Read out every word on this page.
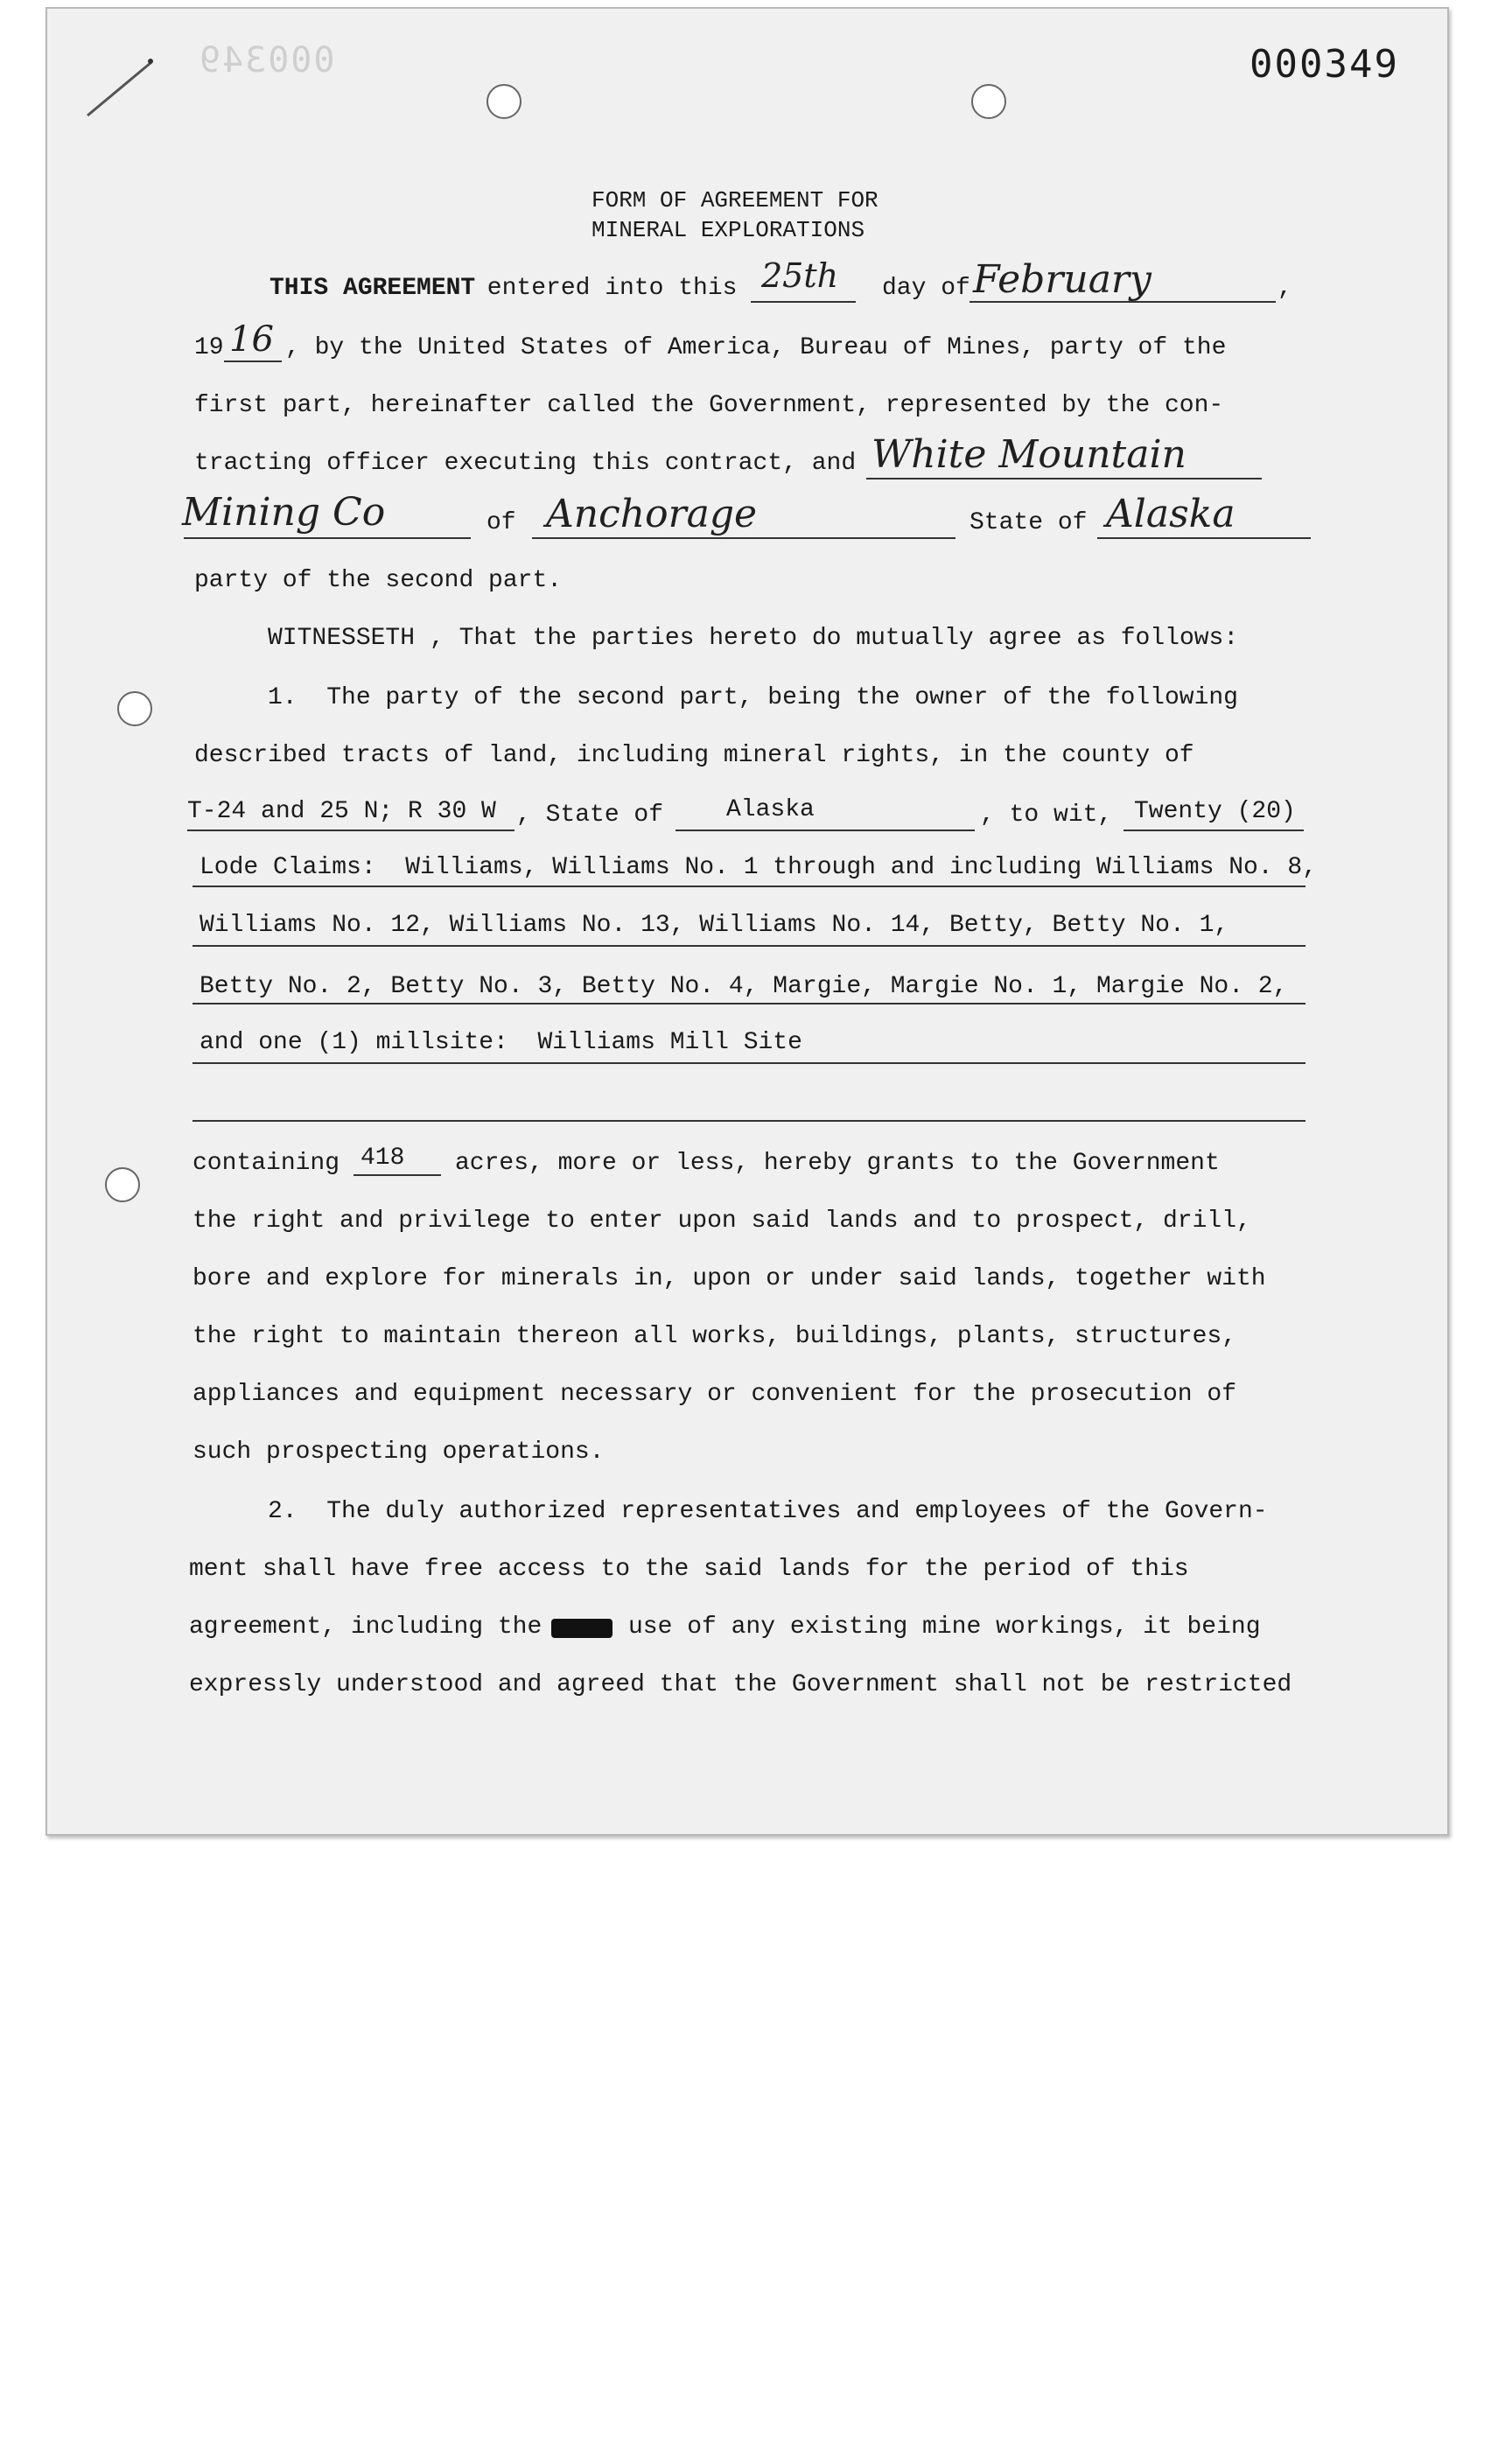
000349	000349
FORM OF AGREEMENT FOR
MINERAL EXPLORATIONS
THIS AGREEMENT
entered into this 25th day of February	,
19 16 , by the United States of America, Bureau of Mines, party of the
first part, hereinafter called the Government, represented by the con-
tracting officer executing this contract, and White Mountain
Mining Co	of Anchorage	State of Alaska
party of the second part.
WITNESSETH , That the parties hereto do mutually agree as follows:
1.  The party of the second part, being the owner of the following
described tracts of land, including mineral rights, in the county of
T-24 and 25 N; R 30 W , State of	Alaska	, to wit, Twenty (20)
Lode Claims:  Williams, Williams No. 1 through and including Williams No. 8,
Williams No. 12, Williams No. 13, Williams No. 14, Betty, Betty No. 1,
Betty No. 2, Betty No. 3, Betty No. 4, Margie, Margie No. 1, Margie No. 2,
and one (1) millsite:  Williams Mill Site
containing 418 acres, more or less, hereby grants to the Government
the right and privilege to enter upon said lands and to prospect, drill,
bore and explore for minerals in, upon or under said lands, together with
the right to maintain thereon all works, buildings, plants, structures,
appliances and equipment necessary or convenient for the prosecution of
such prospecting operations.
2.  The duly authorized representatives and employees of the Govern-
ment shall have free access to the said lands for the period of this
agreement, including the	use of any existing mine workings, it being
expressly understood and agreed that the Government shall not be restricted
